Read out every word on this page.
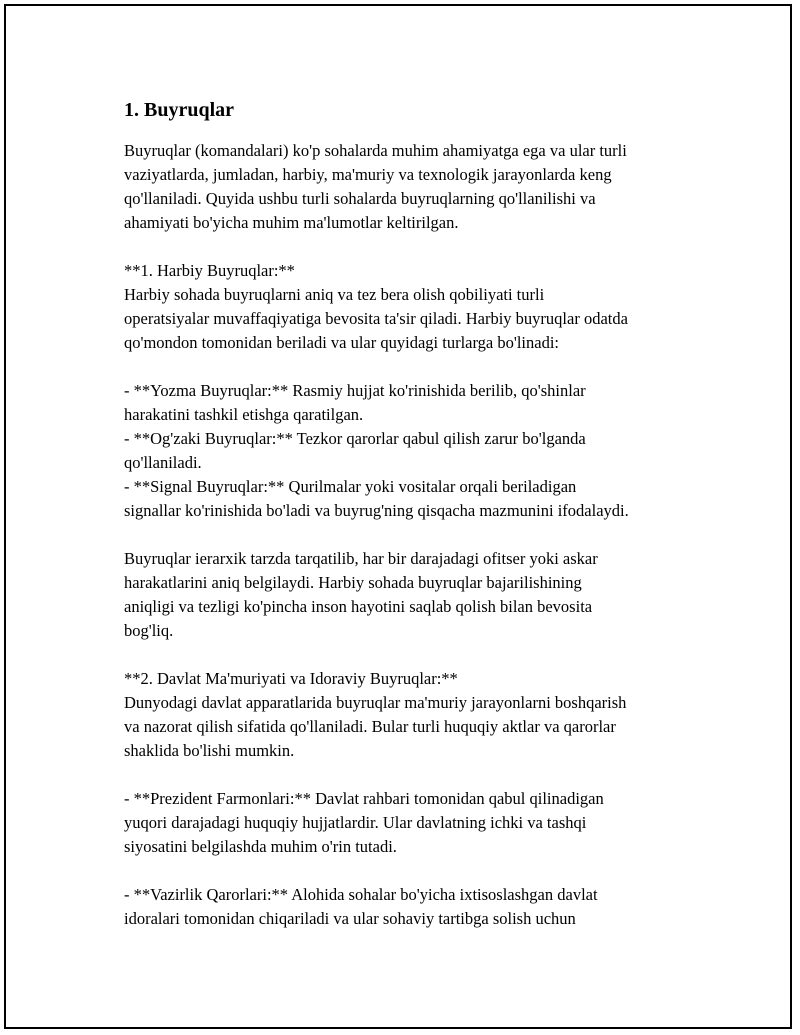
1. Buyruqlar
Buyruqlar (komandalari) ko'p sohalarda muhim ahamiyatga ega va ular turli
vaziyatlarda, jumladan, harbiy, ma'muriy va texnologik jarayonlarda keng
qo'llaniladi. Quyida ushbu turli sohalarda buyruqlarning qo'llanilishi va
ahamiyati bo'yicha muhim ma'lumotlar keltirilgan.
**1. Harbiy Buyruqlar:**
Harbiy sohada buyruqlarni aniq va tez bera olish qobiliyati turli
operatsiyalar muvaffaqiyatiga bevosita ta'sir qiladi. Harbiy buyruqlar odatda
qo'mondon tomonidan beriladi va ular quyidagi turlarga bo'linadi:
- **Yozma Buyruqlar:** Rasmiy hujjat ko'rinishida berilib, qo'shinlar
harakatini tashkil etishga qaratilgan.
- **Og'zaki Buyruqlar:** Tezkor qarorlar qabul qilish zarur bo'lganda
qo'llaniladi.
- **Signal Buyruqlar:** Qurilmalar yoki vositalar orqali beriladigan
signallar ko'rinishida bo'ladi va buyrug'ning qisqacha mazmunini ifodalaydi.
Buyruqlar ierarxik tarzda tarqatilib, har bir darajadagi ofitser yoki askar
harakatlarini aniq belgilaydi. Harbiy sohada buyruqlar bajarilishining
aniqligi va tezligi ko'pincha inson hayotini saqlab qolish bilan bevosita
bog'liq.
**2. Davlat Ma'muriyati va Idoraviy Buyruqlar:**
Dunyodagi davlat apparatlarida buyruqlar ma'muriy jarayonlarni boshqarish
va nazorat qilish sifatida qo'llaniladi. Bular turli huquqiy aktlar va qarorlar
shaklida bo'lishi mumkin.
- **Prezident Farmonlari:** Davlat rahbari tomonidan qabul qilinadigan
yuqori darajadagi huquqiy hujjatlardir. Ular davlatning ichki va tashqi
siyosatini belgilashda muhim o'rin tutadi.
- **Vazirlik Qarorlari:** Alohida sohalar bo'yicha ixtisoslashgan davlat
idoralari tomonidan chiqariladi va ular sohaviy tartibga solish uchun
